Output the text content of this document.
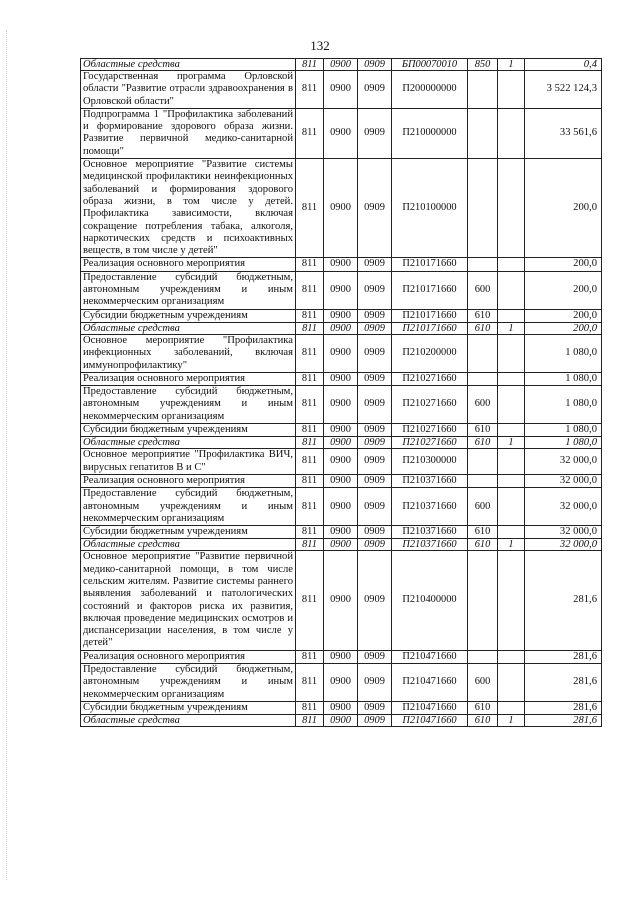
132
Областные средства	811	0900	0909	БП00070010	850	1	0,4
Государственная программа Орловской области "Развитие отрасли здравоохранения в Орловской области"	811	0900	0909	П200000000			3 522 124,3
Подпрограмма 1 "Профилактика заболеваний и формирование здорового образа жизни. Развитие первичной медико-санитарной помощи"	811	0900	0909	П210000000			33 561,6
Основное мероприятие "Развитие системы медицинской профилактики неинфекционных заболеваний и формирования здорового образа жизни, в том числе у детей. Профилактика зависимости, включая сокращение потребления табака, алкоголя, наркотических средств и психоактивных веществ, в том числе у детей"	811	0900	0909	П210100000			200,0
Реализация основного мероприятия	811	0900	0909	П210171660			200,0
Предоставление субсидий бюджетным, автономным учреждениям и иным некоммерческим организациям	811	0900	0909	П210171660	600		200,0
Субсидии бюджетным учреждениям	811	0900	0909	П210171660	610		200,0
Областные средства	811	0900	0909	П210171660	610	1	200,0
Основное мероприятие "Профилактика инфекционных заболеваний, включая иммунопрофилактику"	811	0900	0909	П210200000			1 080,0
Реализация основного мероприятия	811	0900	0909	П210271660			1 080,0
Предоставление субсидий бюджетным, автономным учреждениям и иным некоммерческим организациям	811	0900	0909	П210271660	600		1 080,0
Субсидии бюджетным учреждениям	811	0900	0909	П210271660	610		1 080,0
Областные средства	811	0900	0909	П210271660	610	1	1 080,0
Основное мероприятие "Профилактика ВИЧ, вирусных гепатитов В и С"	811	0900	0909	П210300000			32 000,0
Реализация основного мероприятия	811	0900	0909	П210371660			32 000,0
Предоставление субсидий бюджетным, автономным учреждениям и иным некоммерческим организациям	811	0900	0909	П210371660	600		32 000,0
Субсидии бюджетным учреждениям	811	0900	0909	П210371660	610		32 000,0
Областные средства	811	0900	0909	П210371660	610	1	32 000,0
Основное мероприятие "Развитие первичной медико-санитарной помощи, в том числе сельским жителям. Развитие системы раннего выявления заболеваний и патологических состояний и факторов риска их развития, включая проведение медицинских осмотров и диспансеризации населения, в том числе у детей"	811	0900	0909	П210400000			281,6
Реализация основного мероприятия	811	0900	0909	П210471660			281,6
Предоставление субсидий бюджетным, автономным учреждениям и иным некоммерческим организациям	811	0900	0909	П210471660	600		281,6
Субсидии бюджетным учреждениям	811	0900	0909	П210471660	610		281,6
Областные средства	811	0900	0909	П210471660	610	1	281,6
